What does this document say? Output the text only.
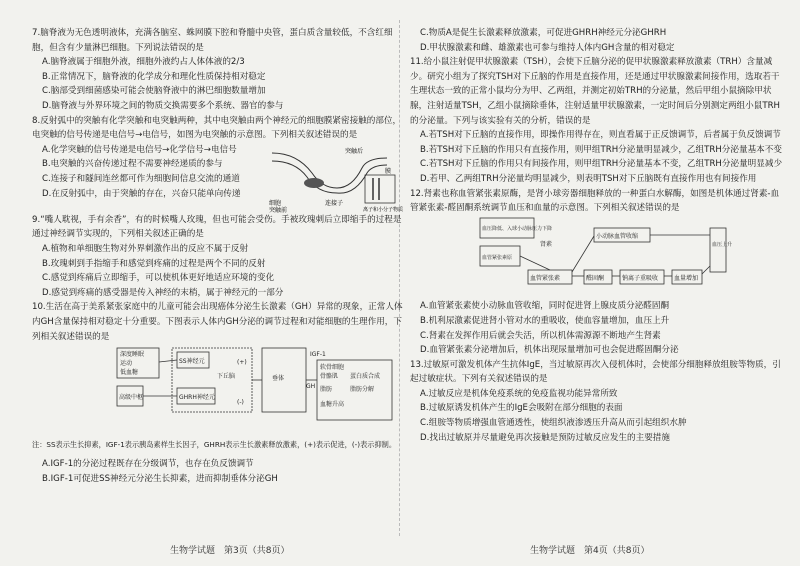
7.脑脊液为无色透明液体，充满各脑室、蛛网膜下腔和脊髓中央管，蛋白质含量较低，不含红细胞，但含有少量淋巴细胞。下列说法错误的是

A.脑脊液属于细胞外液，细胞外液约占人体体液的2/3

B.正常情况下，脑脊液的化学成分和理化性质保持相对稳定

C.脑部受到细菌感染可能会使脑脊液中的淋巴细胞数量增加

D.脑脊液与外界环境之间的物质交换需要多个系统、器官的参与

8.反射弧中的突触有化学突触和电突触两种，其中电突触由两个神经元的细胞膜紧密接触的部位，电突触的信号传递是电信号→电信号，如图为电突触的示意图。下列相关叙述错误的是

A.化学突触的信号传递是电信号→化学信号→电信号

B.电突触的兴奋传递过程不需要神经递质的参与

C.连接子和隧间连丝都可作为细胞间信息交流的通道

D.在反射弧中，由于突触的存在，兴奋只能单向传递

突触后
细胞
突触前
连接子
膜
离子和小分子物质

9.“嘴人耽视，手有余香”，有的时候嘴人玫瑰，但也可能会受伤。手被玫瑰刺后立即缩手的过程是通过神经调节实现的，下列相关叙述正确的是

A.植物和单细胞生物对外界刺激作出的反应不属于反射

B.玫瑰刺到手指缩手和感觉到疼痛的过程是两个不同的反射

C.感觉到疼痛后立即缩手，可以使机体更好地适应环境的变化

D.感觉到疼痛的感受器是传入神经的末梢，属于神经元的一部分

10.生活在高于美系紧张家庭中的儿童可能会出现癌体分泌生长激素（GH）异常的现象，正常人体内GH含量保持相对稳定十分重要。下图表示人体内GH分泌的调节过程和对能细胞的生理作用，下列相关叙述错误的是

深度睡眠
运动
低血糖
高级中枢
SS神经元
GHRH神经元
下丘脑	垂体
IGF-1
软骨细胞
骨骼肌 蛋白质合成
脂肪	脂肪分解
血糖升高
(+)
(-)
GH

注：SS表示生长抑素，IGF-1表示胰岛素样生长因子，GHRH表示生长激素释放激素，(+)表示促进，(-)表示抑制。

A.IGF-1的分泌过程既存在分级调节，也存在负反馈调节

B.IGF-1可促进SS神经元分泌生长抑素，进而抑制垂体分泌GH

C.物质A是促生长激素释放激素，可促进GHRH神经元分泌GHRH

D.甲状腺激素和雌、雄激素也可参与维持人体内GH含量的相对稳定

11.给小鼠注射促甲状腺激素（TSH），会使下丘脑分泌的促甲状腺激素释放激素（TRH）含量减少。研究小组为了探究TSH对下丘脑的作用是直接作用，还是通过甲状腺激素间接作用，选取若干生理状态一致的正常小鼠均分为甲、乙两组，并测定初始TRH的分泌量，然后甲组小鼠摘除甲状腺，注射适量TSH，乙组小鼠摘除垂体，注射适量甲状腺激素，一定时间后分别测定两组小鼠TRH的分泌量。下列与该实验有关的分析，错误的是

A.若TSH对下丘脑的直接作用，即操作用得存在，则直看属于正反馈调节，后者属于负反馈调节

B.若TSH对下丘脑的作用只有直接作用，则甲组TRH分泌量明显减少，乙组TRH分泌量基本不变

C.若TSH对下丘脑的作用只有间接作用，则甲组TRH分泌量基本不变，乙组TRH分泌量明显减少

D.若甲、乙两组TRH分泌量均明显减少，则表明TSH对下丘脑既有直接作用也有间接作用

12.肾素也称血管紧张素原酶，是肾小球旁器细胞释放的一种蛋白水解酶，如图是机体通过肾素-血管紧张素-醛固酮系统调节血压和血量的示意图。下列相关叙述错误的是

血压降低、入球小动脉压力下降
血管紧张素原
肾素
血管紧张素
小动脉血管收缩
醛固酮	钠离子重吸收	血量增加
血压上升

A.血管紧张素使小动脉血管收缩，同时促进肾上腺皮质分泌醛固酮

B.机利尿激素促进肾小管对水的重吸收，使血容量增加，血压上升

C.肾素在发挥作用后就会失活，所以机体需源源不断地产生肾素

D.血管紧张素分泌增加后，机体出现尿量增加可也会促进醛固酮分泌

13.过敏原可激发机体产生抗体IgE，当过敏原再次入侵机体时，会使部分细胞释放组胺等物质，引起过敏症状。下列有关叙述错误的是

A.过敏反应是机体免疫系统的免疫监视功能异常所致

B.过敏原诱发机体产生的IgE会吸附在部分细胞的表面

C.组胺等物质增强血管通透性，使组织液渗透压升高从而引起组织水肿

D.找出过敏原并尽量避免再次接触是预防过敏反应发生的主要措施

生物学试题　第3页（共8页）	生物学试题　第4页（共8页）
